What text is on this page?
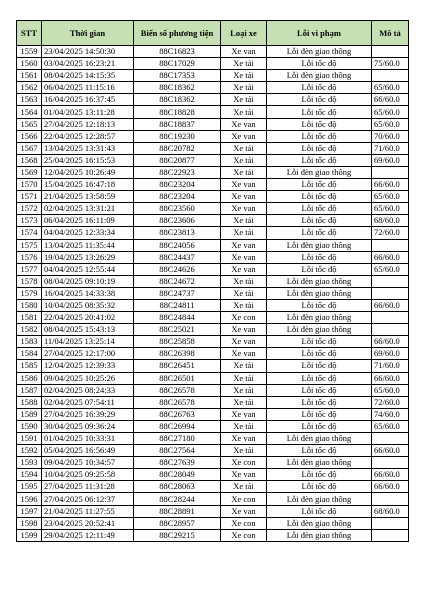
STT	Thời gian	Biển số phương tiện	Loại xe	Lỗi vi phạm	Mô tả
1559	23/04/2025 14:50:30	88C16823	Xe van	Lỗi đèn giao thông	
1560	03/04/2025 16:23:21	88C17029	Xe tải	Lỗi tốc độ	75/60.0
1561	08/04/2025 14:15:35	88C17353	Xe tải	Lỗi đèn giao thông	
1562	06/04/2025 11:15:16	88C18362	Xe tải	Lỗi tốc độ	65/60.0
1563	16/04/2025 16:37:45	88C18362	Xe tải	Lỗi tốc độ	66/60.0
1564	01/04/2025 13:11:28	88C18828	Xe tải	Lỗi tốc độ	65/60.0
1565	27/04/2025 12:18:13	88C18837	Xe van	Lỗi tốc độ	65/60.0
1566	22/04/2025 12:28:57	88C19230	Xe van	Lỗi tốc độ	70/60.0
1567	13/04/2025 13:31:43	88C20782	Xe tải	Lỗi tốc độ	71/60.0
1568	25/04/2025 16:15:53	88C20877	Xe tải	Lỗi tốc độ	69/60.0
1569	12/04/2025 10:26:49	88C22923	Xe tải	Lỗi đèn giao thông	
1570	15/04/2025 16:47:18	88C23204	Xe van	Lỗi tốc độ	66/60.0
1571	21/04/2025 13:58:59	88C23204	Xe van	Lỗi tốc độ	65/60.0
1572	02/04/2025 13:31:21	88C23560	Xe van	Lỗi tốc độ	65/60.0
1573	06/04/2025 16:11:09	88C23606	Xe tải	Lỗi tốc độ	68/60.0
1574	04/04/2025 12:33:34	88C23813	Xe tải	Lỗi tốc độ	72/60.0
1575	13/04/2025 11:35:44	88C24056	Xe van	Lỗi đèn giao thông	
1576	19/04/2025 13:26:29	88C24437	Xe van	Lỗi tốc độ	66/60.0
1577	04/04/2025 12:55:44	88C24626	Xe van	Lỗi tốc độ	65/60.0
1578	08/04/2025 09:10:19	88C24672	Xe tải	Lỗi đèn giao thông	
1579	16/04/2025 14:33:38	88C24737	Xe tải	Lỗi đèn giao thông	
1580	10/04/2025 08:35:32	88C24811	Xe tải	Lỗi tốc độ	66/60.0
1581	22/04/2025 20:41:02	88C24844	Xe con	Lỗi đèn giao thông	
1582	08/04/2025 15:43:13	88C25021	Xe van	Lỗi đèn giao thông	
1583	11/04/2025 13:25:14	88C25858	Xe van	Lỗi tốc độ	66/60.0
1584	27/04/2025 12:17:00	88C26398	Xe van	Lỗi tốc độ	69/60.0
1585	12/04/2025 12:39:33	88C26451	Xe tải	Lỗi tốc độ	71/60.0
1586	09/04/2025 10:25:26	88C26501	Xe tải	Lỗi tốc độ	66/60.0
1587	02/04/2025 08:24:33	88C26578	Xe tải	Lỗi tốc độ	65/60.0
1588	02/04/2025 07:54:11	88C26578	Xe tải	Lỗi tốc độ	72/60.0
1589	27/04/2025 16:39:29	88C26763	Xe van	Lỗi tốc độ	74/60.0
1590	30/04/2025 09:36:24	88C26994	Xe tải	Lỗi tốc độ	65/60.0
1591	01/04/2025 10:33:31	88C27180	Xe van	Lỗi đèn giao thông	
1592	05/04/2025 16:56:49	88C27564	Xe tải	Lỗi tốc độ	66/60.0
1593	09/04/2025 10:34:57	88C27639	Xe con	Lỗi đèn giao thông	
1594	10/04/2025 09:25:58	88C28049	Xe van	Lỗi tốc độ	66/60.0
1595	27/04/2025 11:31:28	88C28063	Xe tải	Lỗi tốc độ	66/60.0
1596	27/04/2025 06:12:37	88C28244	Xe con	Lỗi đèn giao thông	
1597	21/04/2025 11:27:55	88C28891	Xe van	Lỗi tốc độ	68/60.0
1598	23/04/2025 20:52:41	88C28957	Xe con	Lỗi đèn giao thông	
1599	29/04/2025 12:11:49	88C29215	Xe con	Lỗi đèn giao thông	
